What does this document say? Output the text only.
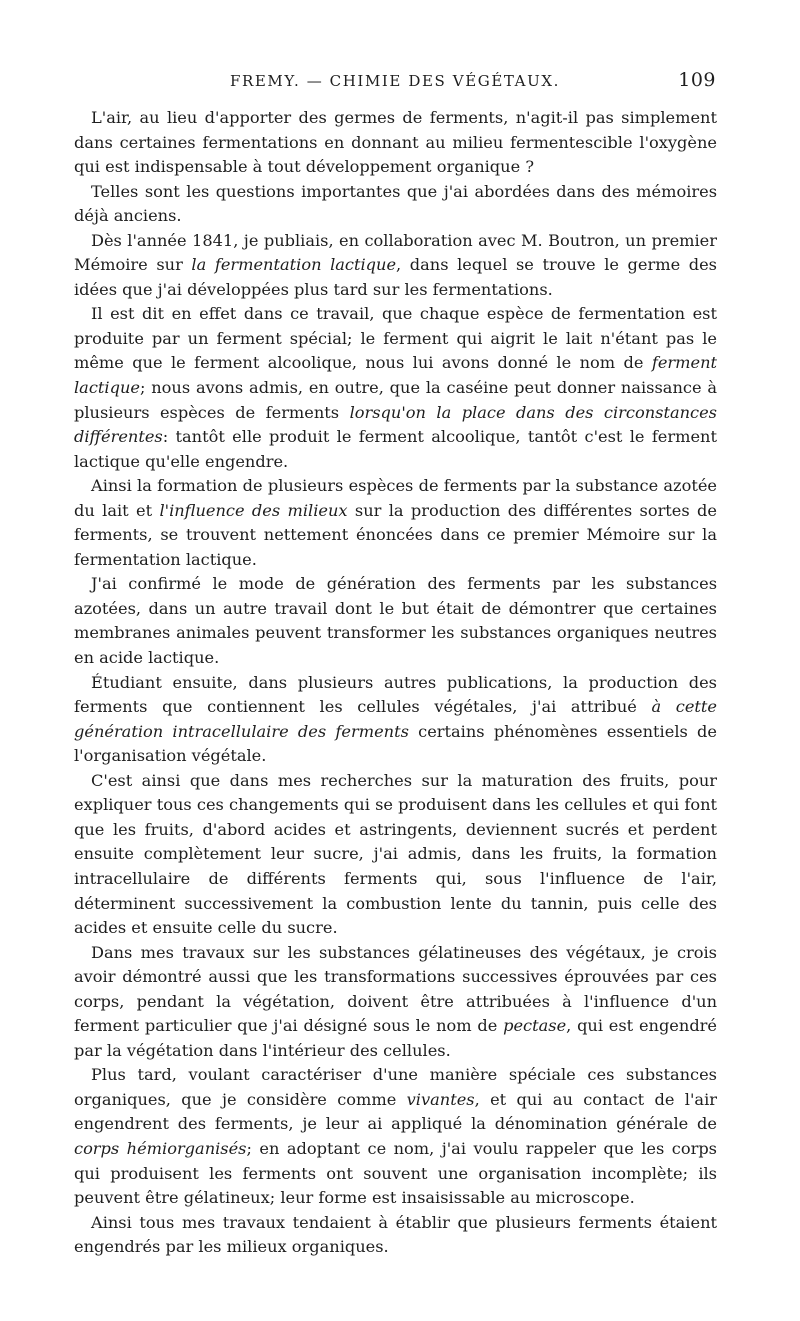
FREMY. — CHIMIE DES VÉGÉTAUX.	109

L'air, au lieu d'apporter des germes de ferments, n'agit-il pas simplement dans certaines fermentations en donnant au milieu fermentescible l'oxygène qui est indispensable à tout développement organique ?

Telles sont les questions importantes que j'ai abordées dans des mémoires déjà anciens.

Dès l'année 1841, je publiais, en collaboration avec M. Boutron, un premier Mémoire sur la fermentation lactique, dans lequel se trouve le germe des idées que j'ai développées plus tard sur les fermentations.

Il est dit en effet dans ce travail, que chaque espèce de fermentation est produite par un ferment spécial; le ferment qui aigrit le lait n'étant pas le même que le ferment alcoolique, nous lui avons donné le nom de ferment lactique; nous avons admis, en outre, que la caséine peut donner naissance à plusieurs espèces de ferments lorsqu'on la place dans des circonstances différentes: tantôt elle produit le ferment alcoolique, tantôt c'est le ferment lactique qu'elle engendre.

Ainsi la formation de plusieurs espèces de ferments par la substance azotée du lait et l'influence des milieux sur la production des différentes sortes de ferments, se trouvent nettement énoncées dans ce premier Mémoire sur la fermentation lactique.

J'ai confirmé le mode de génération des ferments par les substances azotées, dans un autre travail dont le but était de démontrer que certaines membranes animales peuvent transformer les substances organiques neutres en acide lactique.

Étudiant ensuite, dans plusieurs autres publications, la production des ferments que contiennent les cellules végétales, j'ai attribué à cette génération intracellulaire des ferments certains phénomènes essentiels de l'organisation végétale.

C'est ainsi que dans mes recherches sur la maturation des fruits, pour expliquer tous ces changements qui se produisent dans les cellules et qui font que les fruits, d'abord acides et astringents, deviennent sucrés et perdent ensuite complètement leur sucre, j'ai admis, dans les fruits, la formation intracellulaire de différents ferments qui, sous l'influence de l'air, déterminent successivement la combustion lente du tannin, puis celle des acides et ensuite celle du sucre.

Dans mes travaux sur les substances gélatineuses des végétaux, je crois avoir démontré aussi que les transformations successives éprouvées par ces corps, pendant la végétation, doivent être attribuées à l'influence d'un ferment particulier que j'ai désigné sous le nom de pectase, qui est engendré par la végétation dans l'intérieur des cellules.

Plus tard, voulant caractériser d'une manière spéciale ces substances organiques, que je considère comme vivantes, et qui au contact de l'air engendrent des ferments, je leur ai appliqué la dénomination générale de corps hémiorganisés; en adoptant ce nom, j'ai voulu rappeler que les corps qui produisent les ferments ont souvent une organisation incomplète; ils peuvent être gélatineux; leur forme est insaisissable au microscope.

Ainsi tous mes travaux tendaient à établir que plusieurs ferments étaient engendrés par les milieux organiques.
